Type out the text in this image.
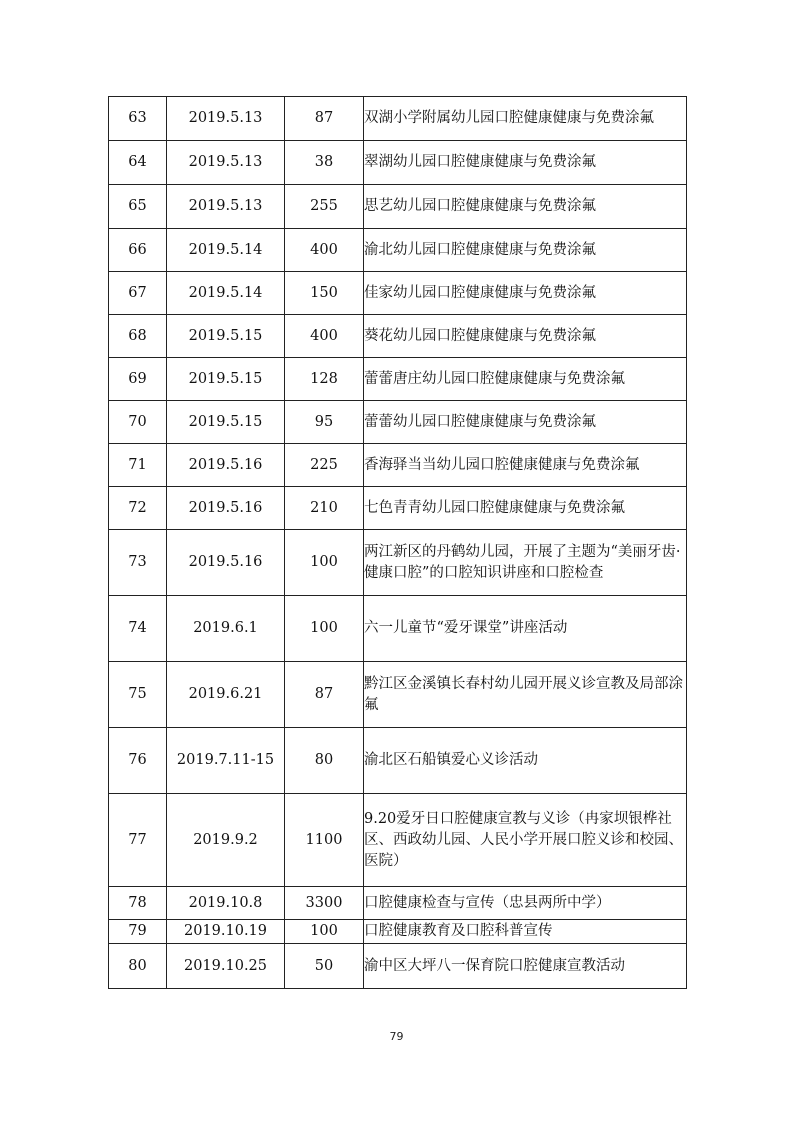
63	2019.5.13	87	双湖小学附属幼儿园口腔健康健康与免费涂氟
64	2019.5.13	38	翠湖幼儿园口腔健康健康与免费涂氟
65	2019.5.13	255	思艺幼儿园口腔健康健康与免费涂氟
66	2019.5.14	400	渝北幼儿园口腔健康健康与免费涂氟
67	2019.5.14	150	佳家幼儿园口腔健康健康与免费涂氟
68	2019.5.15	400	葵花幼儿园口腔健康健康与免费涂氟
69	2019.5.15	128	蕾蕾唐庄幼儿园口腔健康健康与免费涂氟
70	2019.5.15	95	蕾蕾幼儿园口腔健康健康与免费涂氟
71	2019.5.16	225	香海驿当当幼儿园口腔健康健康与免费涂氟
72	2019.5.16	210	七色青青幼儿园口腔健康健康与免费涂氟
73	2019.5.16	100	两江新区的丹鹤幼儿园，开展了主题为“美丽牙齿·健康口腔”的口腔知识讲座和口腔检查
74	2019.6.1	100	六一儿童节“爱牙课堂”讲座活动
75	2019.6.21	87	黔江区金溪镇长春村幼儿园开展义诊宣教及局部涂氟
76	2019.7.11-15	80	渝北区石船镇爱心义诊活动
77	2019.9.2	1100	9.20爱牙日口腔健康宣教与义诊（冉家坝银桦社区、西政幼儿园、人民小学开展口腔义诊和校园、医院）
78	2019.10.8	3300	口腔健康检查与宣传（忠县两所中学）
79	2019.10.19	100	口腔健康教育及口腔科普宣传
80	2019.10.25	50	渝中区大坪八一保育院口腔健康宣教活动
79
